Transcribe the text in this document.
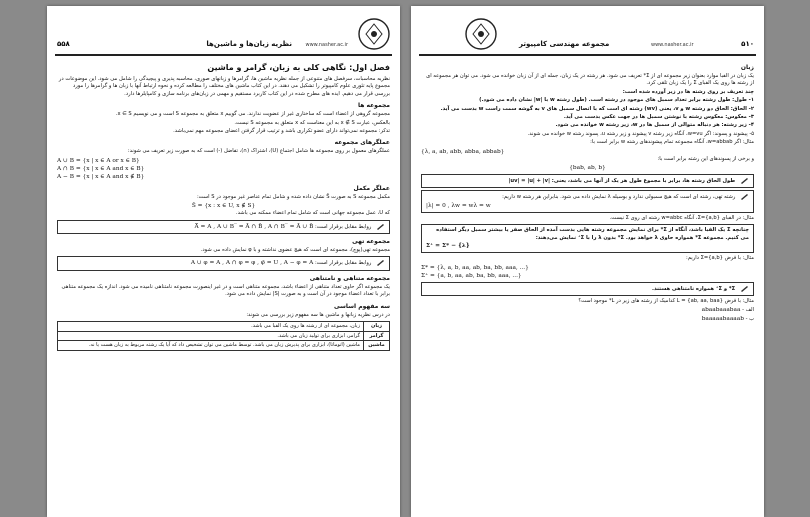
نظریه زبان‌ها و ماشین‌ها	www.nasher.ac.ir
۵۵۸
فصل اول: نگاهی کلی به زبان، گرامر و ماشین

نظریه محاسبات، سرفصل های متنوعی از جمله نظریه ماشین ها، گرامرها و زبانهای صوری، محاسبه پذیری و پیچیدگی را شامل می شود. این موضوعات در مجموع پایه تئوری علوم کامپیوتر را تشکیل می دهند. در این کتاب ماشین های مختلف را مطالعه کرده و نحوه ارتباط آنها با زبان ها و گرامرها را مورد بررسی قرار می دهیم. ایده های مطرح شده در این کتاب کاربرد مستقیم و مهمی در زبان‌های برنامه سازی و کامپایلرها دارد.

مجموعه ها

مجموعه گروهی از اعضاء است که ساختاری غیر از عضویت ندارند. می گوییم x متعلق به مجموعه S است و می نویسیم x ∈ S.

بالعکس، عبارت x ∉ S به این معناست که x متعلق به مجموعه S نیست.

تذکر: مجموعه نمی‌تواند دارای عضو تکراری باشد و ترتیب قرار گرفتن اعضای مجموعه مهم نمی‌باشد.

عملگرهای مجموعه

عملگرهای معمول بر روی مجموعه ها شامل اجتماع (U)، اشتراک (∩)، تفاضل (-) است که به صورت زیر تعریف می شوند:

A ∪ B = {x | x ∈ A or x ∈ B}
A ∩ B = {x | x ∈ A and x ∈ B}
A − B = {x | x ∈ A and x ∉ B}
عملگر مکمل

مکمل مجموعه S به صورت S̄ نشان داده شده و شامل تمام عناصر غیر موجود در S است:

S̄ = {x : x ∈ U, x ∉ S}

که U، عمل مجموعه جهانی است که شامل تمام اعضاء ممکنه می باشد.

روابط مقابل برقرار است: A̿ = A , A ∪ B‾ = Ā ∩ B̄ , A ∩ B‾ = Ā ∪ B̄
مجموعه تهی

مجموعه تهی(پوچ)، مجموعه ای است که هیچ عضوی نداشته و با φ نمایش داده می شود.

روابط مقابل برقرار است: A ∪ φ = A , A ∩ φ = φ , φ̄ = U , A − φ = A
مجموعه متناهی و نامتناهی

یک مجموعه اگر حاوی تعداد متناهی از اعضاء باشد، مجموعه متناهی است و در غیر اینصورت مجموعه نامتناهی نامیده می شود. اندازه یک مجموعه متناهی برابر با تعداد اعضاء موجود در آن است و به صورت |S| نمایش داده می شود.

سه مفهوم اساسی

در درس نظریه زبانها و ماشین ها سه مفهوم زیر بررسی می شوند:

زبان	زبان، مجموعه ای از رشته ها روی یک الفبا می باشد.
گرامر	گرامر، ابزاری برای تولید زبان می باشد.
ماشین	ماشین (اتوماتا)، ابزاری برای پذیرش زبان می باشد. توسط ماشین می توان تشخیص داد که آیا یک رشته مربوط به زبان هست یا نه.
۵۱۰
مجموعه مهندسی کامپیوتر	www.nasher.ac.ir
زبان

یک زبان در الفبا موارد بعنوان زیر مجموعه ای از Σ* تعریف می شود. هر رشته در یک زبان، جمله ای از آن زبان خوانده می شود. می توان هر مجموعه ای از رشته ها روی یک الفبای Σ را یک زبان تلقی کرد.

چند تعریف بر روی رشته ها در زیر آورده شده است:

۱- طول: طول رشته برابر تعداد سمبل های موجود در رشته است. (طول رشته w با |w| نشان داده می شود.)

۲- الحاق: الحاق دو رشته w و v، یعنی (wv) رشته ای است که با اتصال سمبل های v به گوشه سمت راست w بدست می آید.

۳- معکوس: معکوس رشته با نوشتن سمبل ها در جهت عکس بدست می آید.

۴- زیر رشته: هر دنباله متوالی از سمبل ها در w، زیر رشته w خوانده می شود.

۵- پیشوند و پسوند: اگر w=vu، آنگاه زیر رشته v پیشوند و زیر رشته u، پسوند رشته w خوانده می شوند.

مثال: اگر w=abbab، آنگاه مجموعه تمام پیشوندهای رشته w برابر است با:

{λ, a, ab, abb, abba, abbab}

و برخی از پسوندهای این رشته برابر است با:

{bab, ab, b}
طول الحاق رشته ها، برابر با مجموع طول هر یک از آنها می باشد، یعنی: |uv| = |u| + |v|
رشته تهی، رشته ای است که هیچ سمبولی ندارد و بوسیله λ نمایش داده می شود. بنابراین هر رشته w داریم:
|λ| = 0 , λw = wλ = w

مثال: در الفبای Σ={a,b}، آنگاه w=abbc رشته ای روی Σ نیست.

چنانچه Σ یک الفبا باشد، آنگاه از Σ* برای نمایش مجموعه رشته هایی بدست آمده از الحاق صفر یا بیشتر سمبل دیگر استفاده می کنیم. مجموعه Σ* همواره حاوی λ خواهد بود. Σ* بدون λ را با Σ⁺ نمایش می‌دهند:
Σ⁺ = Σ* − {λ}

مثال: با فرض Σ={a,b} داریم:

Σ* = {λ, a, b, aa, ab, ba, bb, aaa, ...}
Σ⁺ = {a, b, aa, ab, ba, bb, aaa, ...}
Σ* و Σ⁺ همواره نامتناهی هستند.

مثال: با فرض L = {ab, aa, baa} کدامیک از رشته های زیر در L* موجود است؟

الف - abaabaaabaa
ب - baaaaabaaaab
